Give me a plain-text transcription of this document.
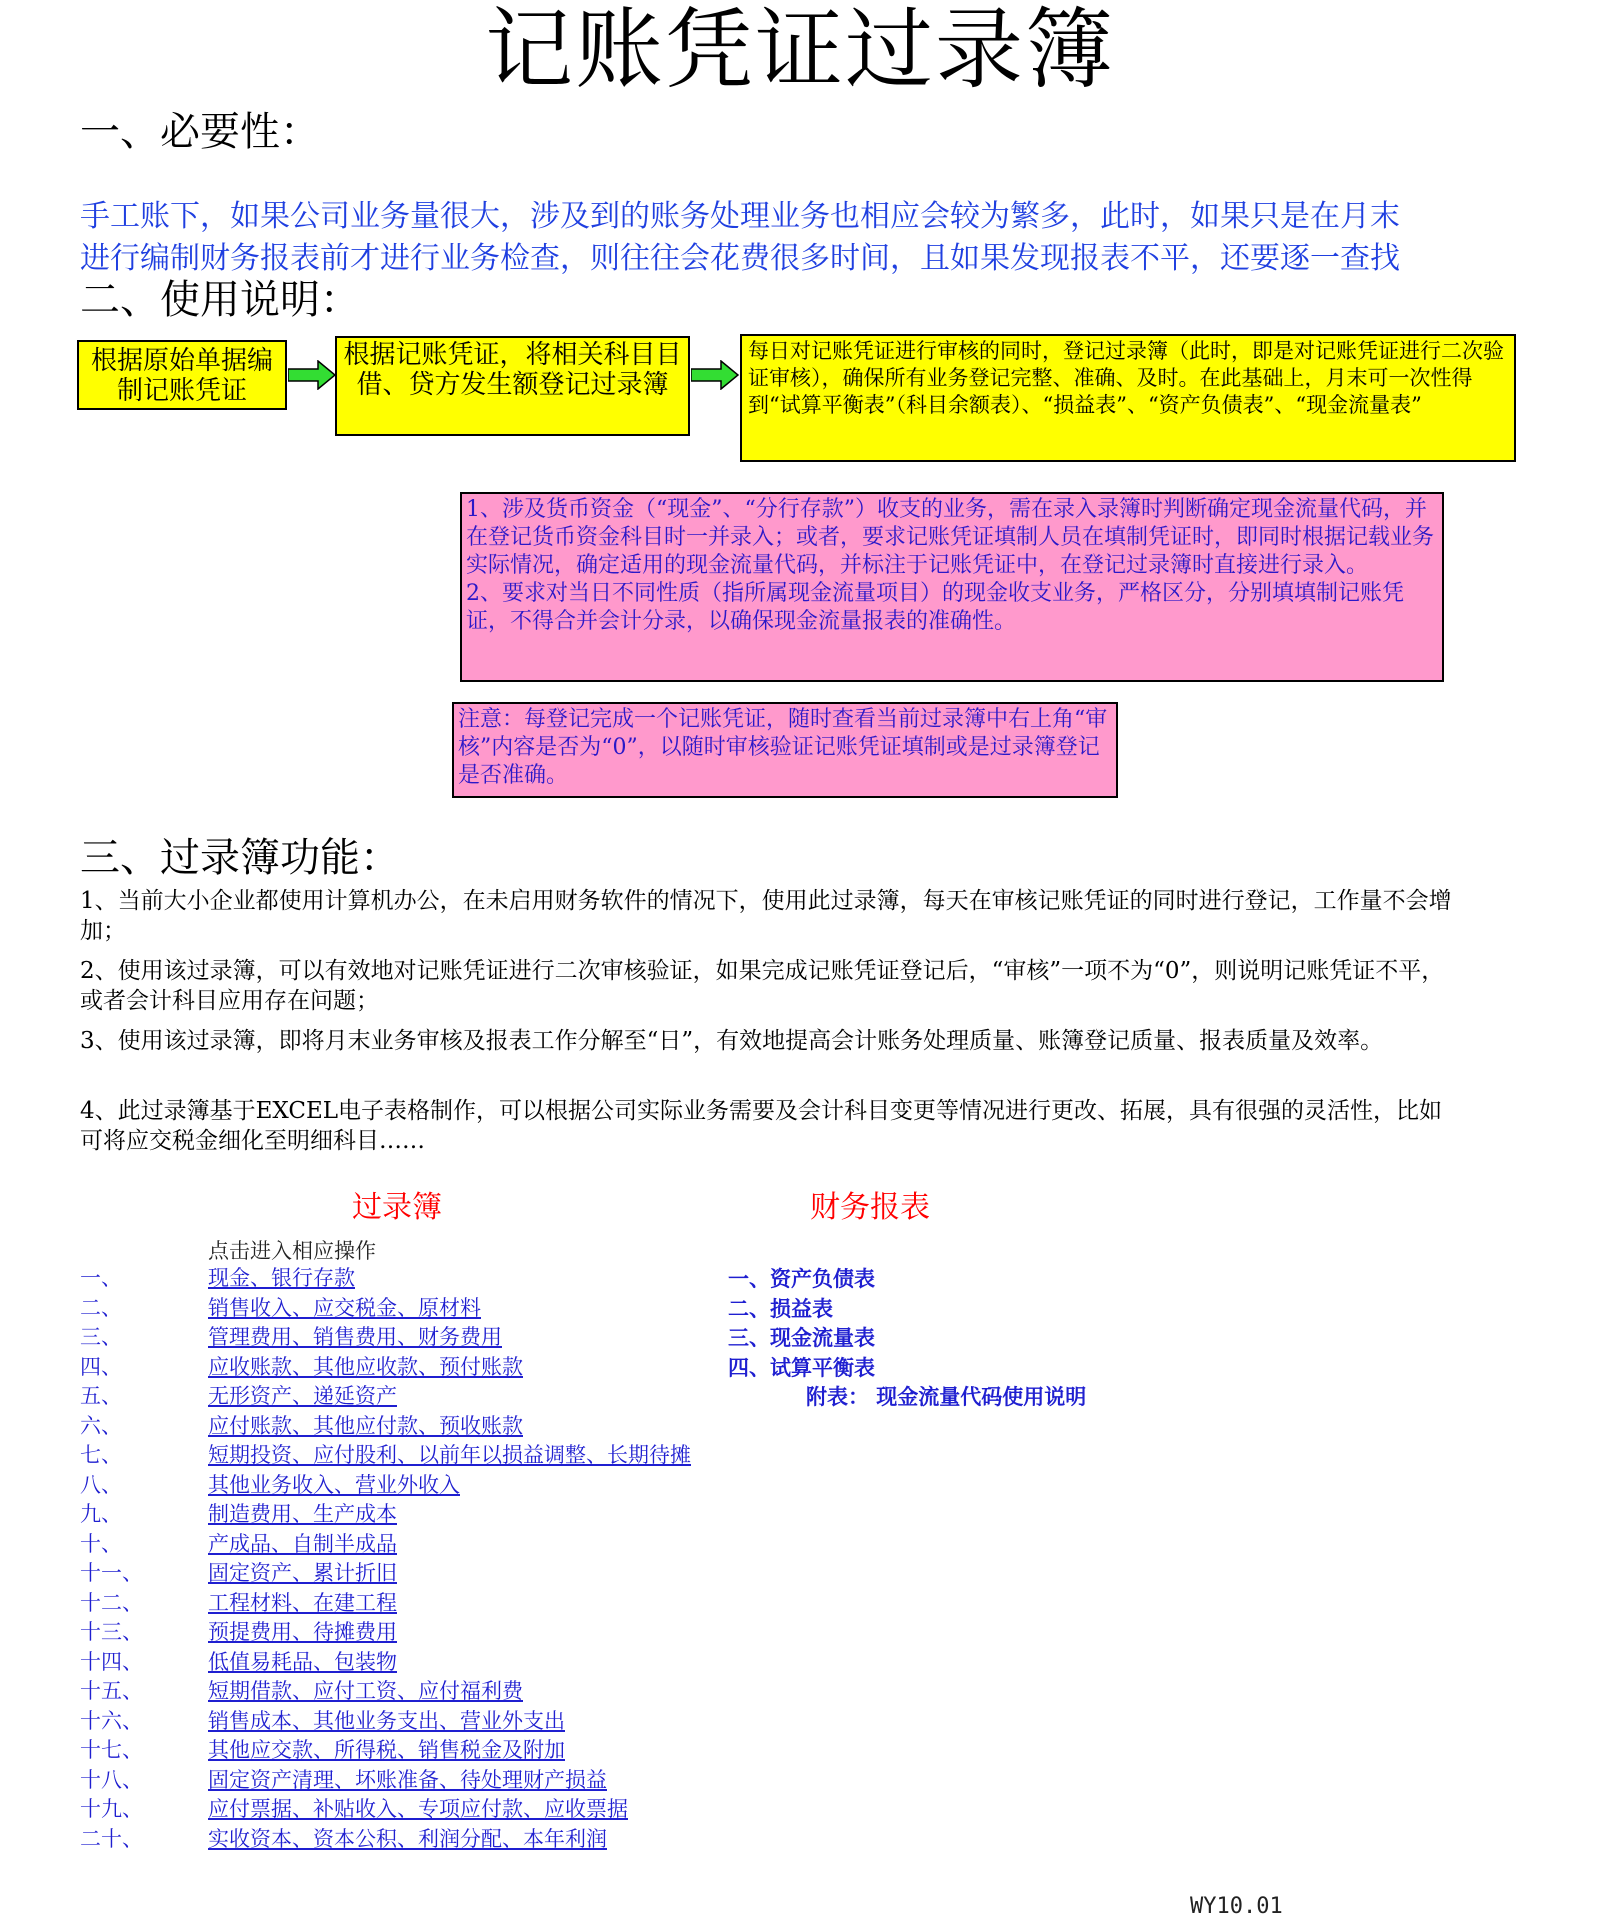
记账凭证过录簿
一、必要性：
手工账下，如果公司业务量很大，涉及到的账务处理业务也相应会较为繁多，此时，如果只是在月末进行编制财务报表前才进行业务检查，则往往会花费很多时间，且如果发现报表不平，还要逐一查找
二、使用说明：
根据原始单据编制记账凭证
根据记账凭证，将相关科目目借、贷方发生额登记过录簿
每日对记账凭证进行审核的同时，登记过录簿（此时，即是对记账凭证进行二次验证审核），确保所有业务登记完整、准确、及时。在此基础上，月末可一次性得到“试算平衡表”（科目余额表）、“损益表”、“资产负债表”、“现金流量表”
1、涉及货币资金（“现金”、“分行存款”）收支的业务，需在录入录簿时判断确定现金流量代码，并在登记货币资金科目时一并录入；或者，要求记账凭证填制人员在填制凭证时，即同时根据记载业务实际情况，确定适用的现金流量代码，并标注于记账凭证中，在登记过录簿时直接进行录入。
2、要求对当日不同性质（指所属现金流量项目）的现金收支业务，严格区分，分别填填制记账凭证，不得合并会计分录，以确保现金流量报表的准确性。
注意：每登记完成一个记账凭证，随时查看当前过录簿中右上角“审核”内容是否为“0”，以随时审核验证记账凭证填制或是过录簿登记是否准确。
三、过录簿功能：
1、当前大小企业都使用计算机办公，在未启用财务软件的情况下，使用此过录簿，每天在审核记账凭证的同时进行登记，工作量不会增加；
2、使用该过录簿，可以有效地对记账凭证进行二次审核验证，如果完成记账凭证登记后，“审核”一项不为“0”，则说明记账凭证不平，或者会计科目应用存在问题；
3、使用该过录簿，即将月末业务审核及报表工作分解至“日”，有效地提高会计账务处理质量、账簿登记质量、报表质量及效率。
4、此过录簿基于EXCEL电子表格制作，可以根据公司实际业务需要及会计科目变更等情况进行更改、拓展，具有很强的灵活性，比如可将应交税金细化至明细科目……
过录簿	财务报表
点击进入相应操作
一、	现金、银行存款
二、	销售收入、应交税金、原材料
三、	管理费用、销售费用、财务费用
四、	应收账款、其他应收款、预付账款
五、	无形资产、递延资产
六、	应付账款、其他应付款、预收账款
七、	短期投资、应付股利、以前年以损益调整、长期待摊
八、	其他业务收入、营业外收入
九、	制造费用、生产成本
十、	产成品、自制半成品
十一、	固定资产、累计折旧
十二、	工程材料、在建工程
十三、	预提费用、待摊费用
十四、	低值易耗品、包装物
十五、	短期借款、应付工资、应付福利费
十六、	销售成本、其他业务支出、营业外支出
十七、	其他应交款、所得税、销售税金及附加
十八、	固定资产清理、坏账准备、待处理财产损益
十九、	应付票据、补贴收入、专项应付款、应收票据
二十、	实收资本、资本公积、利润分配、本年利润
一、资产负债表
二、损益表
三、现金流量表
四、试算平衡表
附表： 现金流量代码使用说明
WY10.01
